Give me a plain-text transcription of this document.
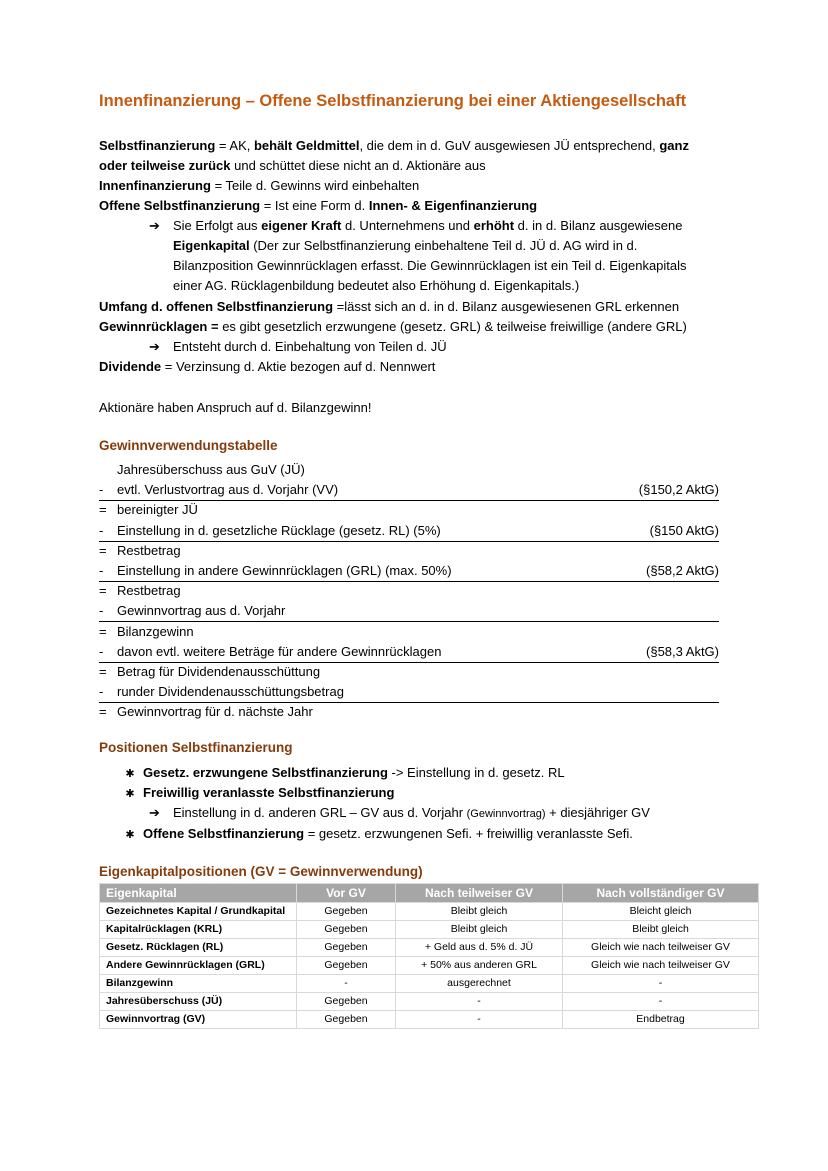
Innenfinanzierung – Offene Selbstfinanzierung bei einer Aktiengesellschaft
Selbstfinanzierung = AK, behält Geldmittel, die dem in d. GuV ausgewiesen JÜ entsprechend, ganz
oder teilweise zurück und schüttet diese nicht an d. Aktionäre aus
Innenfinanzierung = Teile d. Gewinns wird einbehalten
Offene Selbstfinanzierung = Ist eine Form d. Innen- & Eigenfinanzierung
➔ Sie Erfolgt aus eigener Kraft d. Unternehmens und erhöht d. in d. Bilanz ausgewiesene
Eigenkapital (Der zur Selbstfinanzierung einbehaltene Teil d. JÜ d. AG wird in d.
Bilanzposition Gewinnrücklagen erfasst. Die Gewinnrücklagen ist ein Teil d. Eigenkapitals
einer AG. Rücklagenbildung bedeutet also Erhöhung d. Eigenkapitals.)
Umfang d. offenen Selbstfinanzierung =lässt sich an d. in d. Bilanz ausgewiesenen GRL erkennen
Gewinnrücklagen = es gibt gesetzlich erzwungene (gesetz. GRL) & teilweise freiwillige (andere GRL)
➔ Entsteht durch d. Einbehaltung von Teilen d. JÜ
Dividende = Verzinsung d. Aktie bezogen auf d. Nennwert
Aktionäre haben Anspruch auf d. Bilanzgewinn!
Gewinnverwendungstabelle
Jahresüberschuss aus GuV (JÜ)
-	evtl. Verlustvortrag aus d. Vorjahr (VV)	(§150,2 AktG)
= bereinigter JÜ
-	Einstellung in d. gesetzliche Rücklage (gesetz. RL) (5%)	(§150 AktG)
= Restbetrag
-	Einstellung in andere Gewinnrücklagen (GRL) (max. 50%)	(§58,2 AktG)
= Restbetrag
-	Gewinnvortrag aus d. Vorjahr
= Bilanzgewinn
-	davon evtl. weitere Beträge für andere Gewinnrücklagen	(§58,3 AktG)
= Betrag für Dividendenausschüttung
-	runder Dividendenausschüttungsbetrag
= Gewinnvortrag für d. nächste Jahr
Positionen Selbstfinanzierung
✱ Gesetz. erzwungene Selbstfinanzierung -> Einstellung in d. gesetz. RL
✱ Freiwillig veranlasste Selbstfinanzierung
➔ Einstellung in d. anderen GRL – GV aus d. Vorjahr (Gewinnvortrag) + diesjähriger GV
✱ Offene Selbstfinanzierung = gesetz. erzwungenen Sefi. + freiwillig veranlasste Sefi.
Eigenkapitalpositionen (GV = Gewinnverwendung)
Eigenkapital	Vor GV	Nach teilweiser GV	Nach vollständiger GV
Gezeichnetes Kapital / Grundkapital	Gegeben	Bleibt gleich	Bleicht gleich
Kapitalrücklagen (KRL)	Gegeben	Bleibt gleich	Bleibt gleich
Gesetz. Rücklagen (RL)	Gegeben	+ Geld aus d. 5% d. JÜ	Gleich wie nach teilweiser GV
Andere Gewinnrücklagen (GRL)	Gegeben	+ 50% aus anderen GRL	Gleich wie nach teilweiser GV
Bilanzgewinn	-	ausgerechnet	-
Jahresüberschuss (JÜ)	Gegeben	-	-
Gewinnvortrag (GV)	Gegeben	-	Endbetrag
